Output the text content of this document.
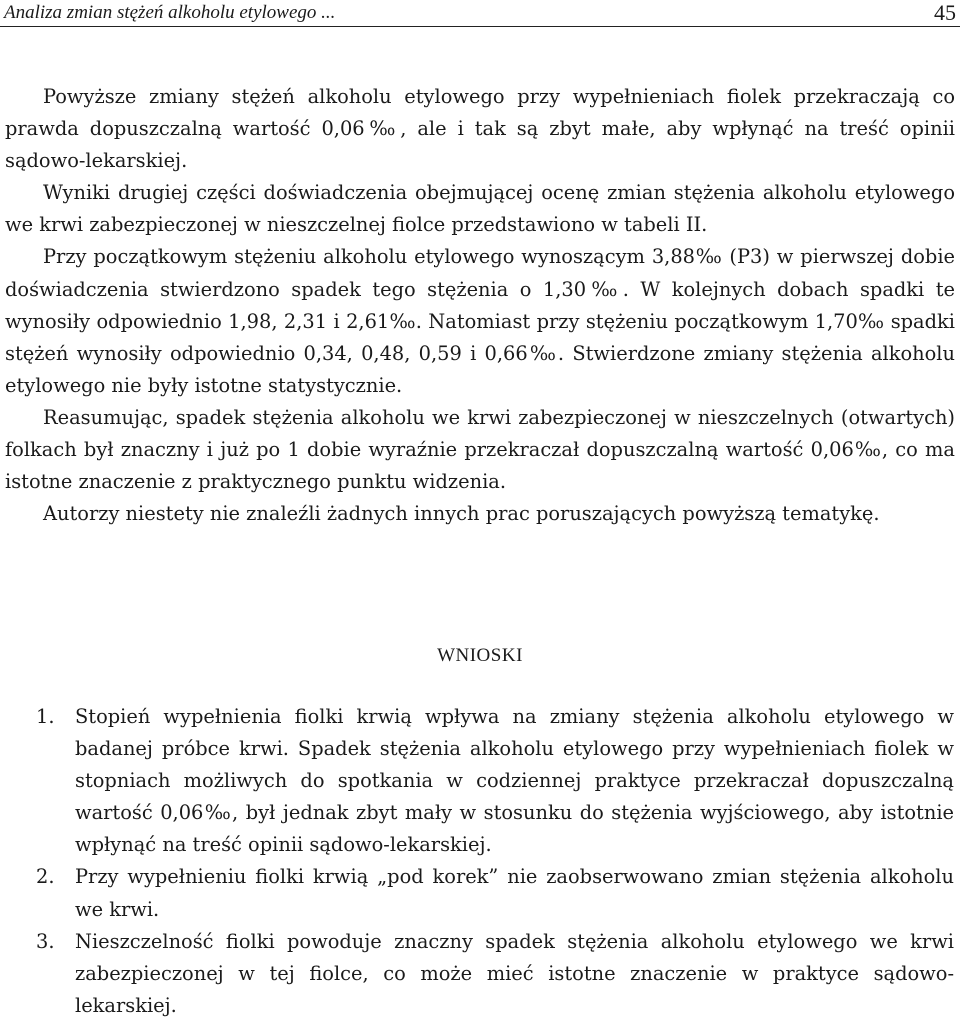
Analiza zmian stężeń alkoholu etylowego ...	45

Powyższe zmiany stężeń alkoholu etylowego przy wypełnieniach fiolek przekraczają co prawda dopuszczalną wartość 0,06‰, ale i tak są zbyt małe, aby wpłynąć na treść opinii sądowo-lekarskiej.

Wyniki drugiej części doświadczenia obejmującej ocenę zmian stężenia alkoholu etylowego we krwi zabezpieczonej w nieszczelnej fiolce przedstawiono w tabeli II.

Przy początkowym stężeniu alkoholu etylowego wynoszącym 3,88‰ (P3) w pierwszej dobie doświadczenia stwierdzono spadek tego stężenia o 1,30‰. W kolejnych dobach spadki te wynosiły odpowiednio 1,98, 2,31 i 2,61‰. Natomiast przy stężeniu początkowym 1,70‰ spadki stężeń wynosiły odpowiednio 0,34, 0,48, 0,59 i 0,66‰. Stwierdzone zmiany stężenia alkoholu etylowego nie były istotne statystycznie.

Reasumując, spadek stężenia alkoholu we krwi zabezpieczonej w nieszczelnych (otwartych) folkach był znaczny i już po 1 dobie wyraźnie przekraczał dopuszczalną wartość 0,06‰, co ma istotne znaczenie z praktycznego punktu widzenia.

Autorzy niestety nie znaleźli żadnych innych prac poruszających powyższą tematykę.

WNIOSKI
1. Stopień wypełnienia fiolki krwią wpływa na zmiany stężenia alkoholu etylowego w badanej próbce krwi. Spadek stężenia alkoholu etylowego przy wypełnieniach fiolek w stopniach możliwych do spotkania w codziennej praktyce przekraczał dopuszczalną wartość 0,06‰, był jednak zbyt mały w stosunku do stężenia wyjściowego, aby istotnie wpłynąć na treść opinii sądowo-lekarskiej.
2. Przy wypełnieniu fiolki krwią „pod korek” nie zaobserwowano zmian stężenia alkoholu we krwi.
3. Nieszczelność fiolki powoduje znaczny spadek stężenia alkoholu etylowego we krwi zabezpieczonej w tej fiolce, co może mieć istotne znaczenie w praktyce sądowo-lekarskiej.
